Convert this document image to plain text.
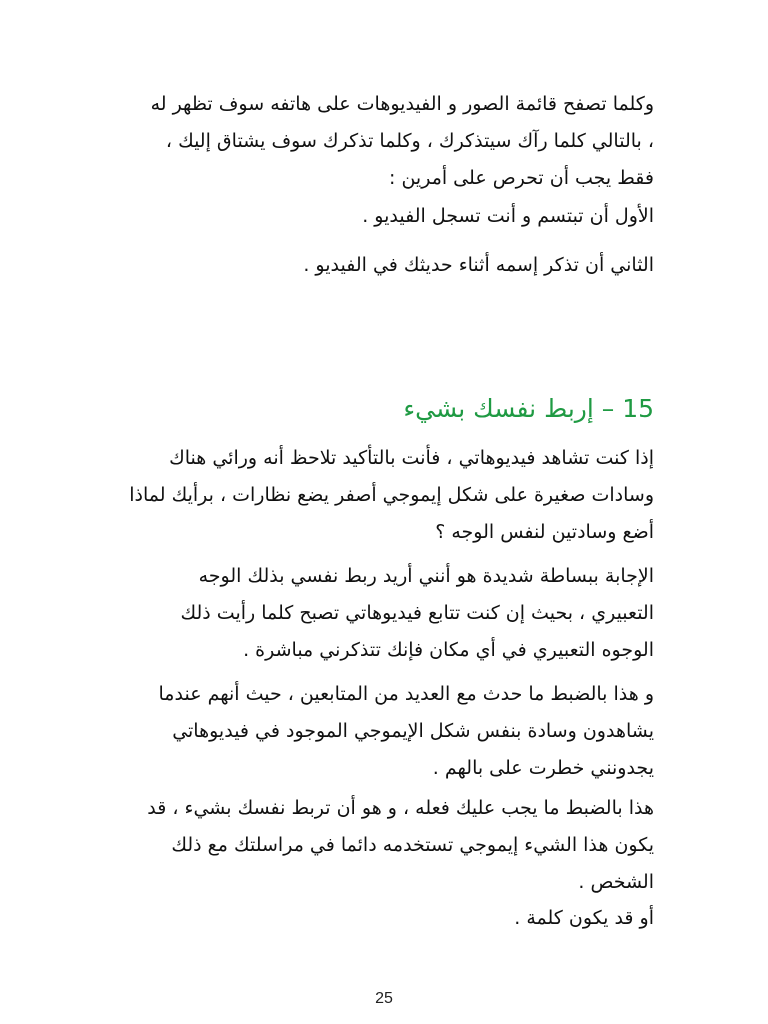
وكلما تصفح قائمة الصور و الفيديوهات على هاتفه سوف تظهر له
، بالتالي كلما رآك سيتذكرك ، وكلما تذكرك سوف يشتاق إليك ،
فقط يجب أن تحرص على أمرين :

الأول أن تبتسم و أنت تسجل الفيديو .

الثاني أن تذكر إسمه أثناء حديثك في الفيديو .

15 – إربط نفسك بشيء

إذا كنت تشاهد فيديوهاتي ، فأنت بالتأكيد تلاحظ أنه ورائي هناك
وسادات صغيرة على شكل إيموجي أصفر يضع نظارات ، برأيك لماذا
أضع وسادتين لنفس الوجه ؟

الإجابة ببساطة شديدة هو أنني أريد ربط نفسي بذلك الوجه
التعبيري ، بحيث إن كنت تتابع فيديوهاتي تصبح كلما رأيت ذلك
الوجوه التعبيري في أي مكان فإنك تتذكرني مباشرة .

و هذا بالضبط ما حدث مع العديد من المتابعين ، حيث أنهم عندما
يشاهدون وسادة بنفس شكل الإيموجي الموجود في فيديوهاتي
يجدونني خطرت على بالهم .

هذا بالضبط ما يجب عليك فعله ، و هو أن تربط نفسك بشيء ، قد
يكون هذا الشيء إيموجي تستخدمه دائما في مراسلتك مع ذلك
الشخص .

أو قد يكون كلمة .

25
